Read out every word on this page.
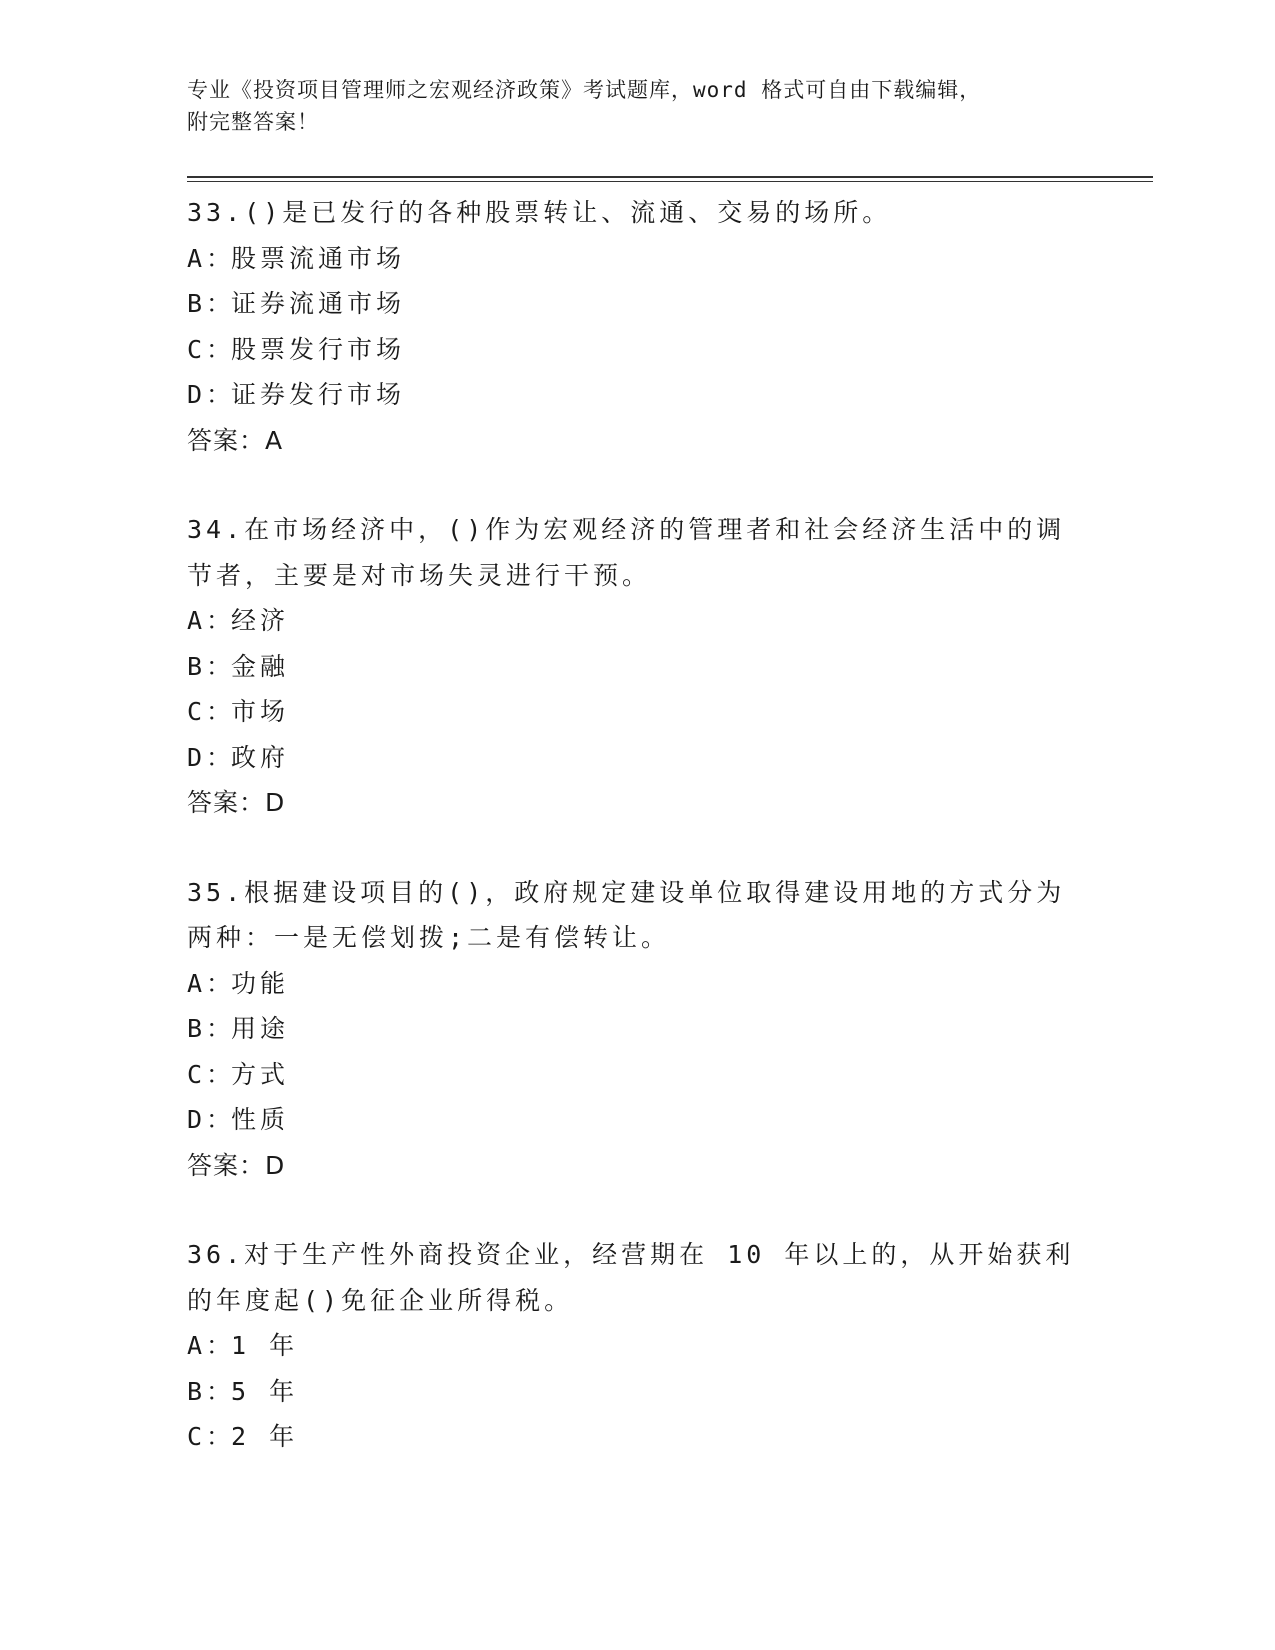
专业《投资项目管理师之宏观经济政策》考试题库，word 格式可自由下载编辑，
附完整答案！

33.()是已发行的各种股票转让、流通、交易的场所。

A：股票流通市场

B：证券流通市场

C：股票发行市场

D：证券发行市场

答案：A

34.在市场经济中，()作为宏观经济的管理者和社会经济生活中的调节者，主要是对市场失灵进行干预。

A：经济

B：金融

C：市场

D：政府

答案：D

35.根据建设项目的()，政府规定建设单位取得建设用地的方式分为两种：一是无偿划拨;二是有偿转让。

A：功能

B：用途

C：方式

D：性质

答案：D

36.对于生产性外商投资企业，经营期在 10 年以上的，从开始获利的年度起()免征企业所得税。

A：1 年

B：5 年

C：2 年
